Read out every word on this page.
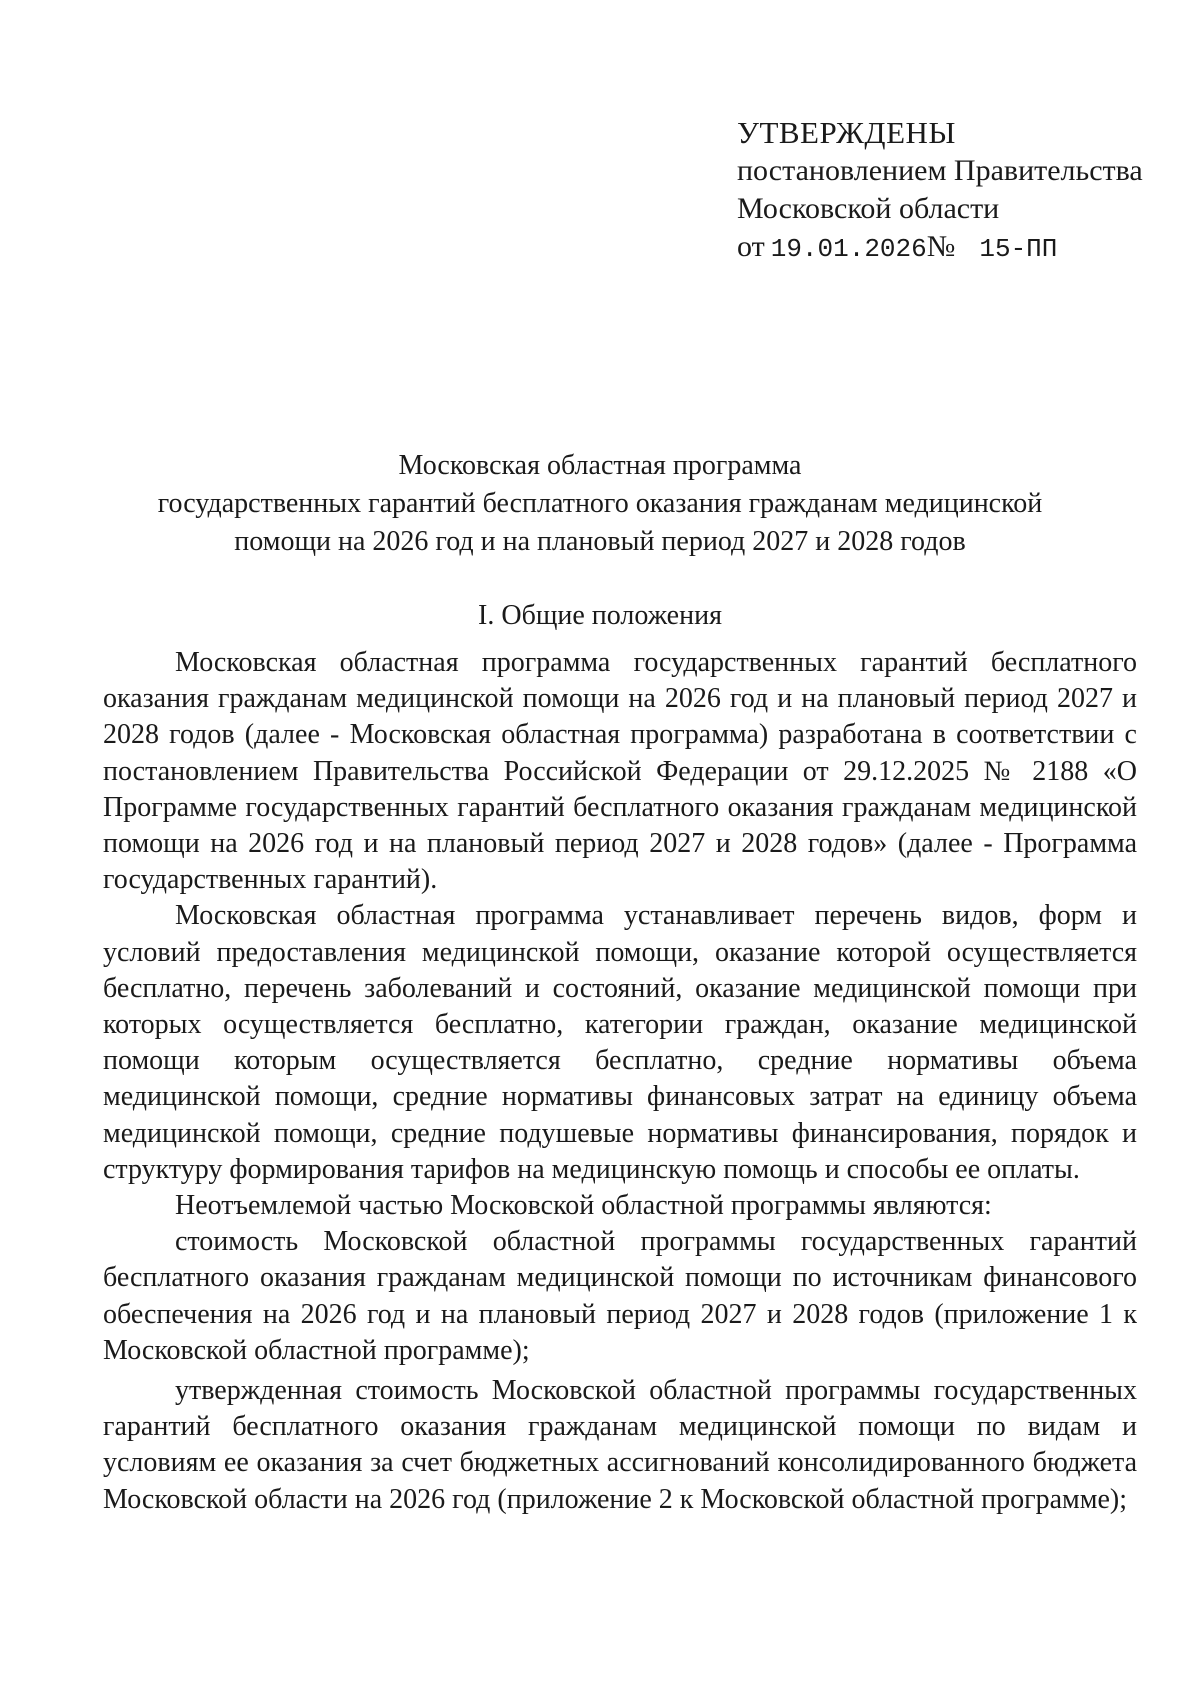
УТВЕРЖДЕНЫ
постановлением Правительства
Московской области
от 19.01.2026№ 15-ПП
Московская областная программа
государственных гарантий бесплатного оказания гражданам медицинской
помощи на 2026 год и на плановый период 2027 и 2028 годов
I. Общие положения

Московская областная программа государственных гарантий бесплатного оказания гражданам медицинской помощи на 2026 год и на плановый период 2027 и 2028 годов (далее - Московская областная программа) разработана в соответствии с постановлением Правительства Российской Федерации от 29.12.2025 № 2188 «О Программе государственных гарантий бесплатного оказания гражданам медицинской помощи на 2026 год и на плановый период 2027 и 2028 годов» (далее - Программа государственных гарантий).

Московская областная программа устанавливает перечень видов, форм и условий предоставления медицинской помощи, оказание которой осуществляется бесплатно, перечень заболеваний и состояний, оказание медицинской помощи при которых осуществляется бесплатно, категории граждан, оказание медицинской помощи которым осуществляется бесплатно, средние нормативы объема медицинской помощи, средние нормативы финансовых затрат на единицу объема медицинской помощи, средние подушевые нормативы финансирования, порядок и структуру формирования тарифов на медицинскую помощь и способы ее оплаты.

Неотъемлемой частью Московской областной программы являются:

стоимость Московской областной программы государственных гарантий бесплатного оказания гражданам медицинской помощи по источникам финансового обеспечения на 2026 год и на плановый период 2027 и 2028 годов (приложение 1 к Московской областной программе);

утвержденная стоимость Московской областной программы государственных гарантий бесплатного оказания гражданам медицинской помощи по видам и условиям ее оказания за счет бюджетных ассигнований консолидированного бюджета Московской области на 2026 год (приложение 2 к Московской областной программе);
